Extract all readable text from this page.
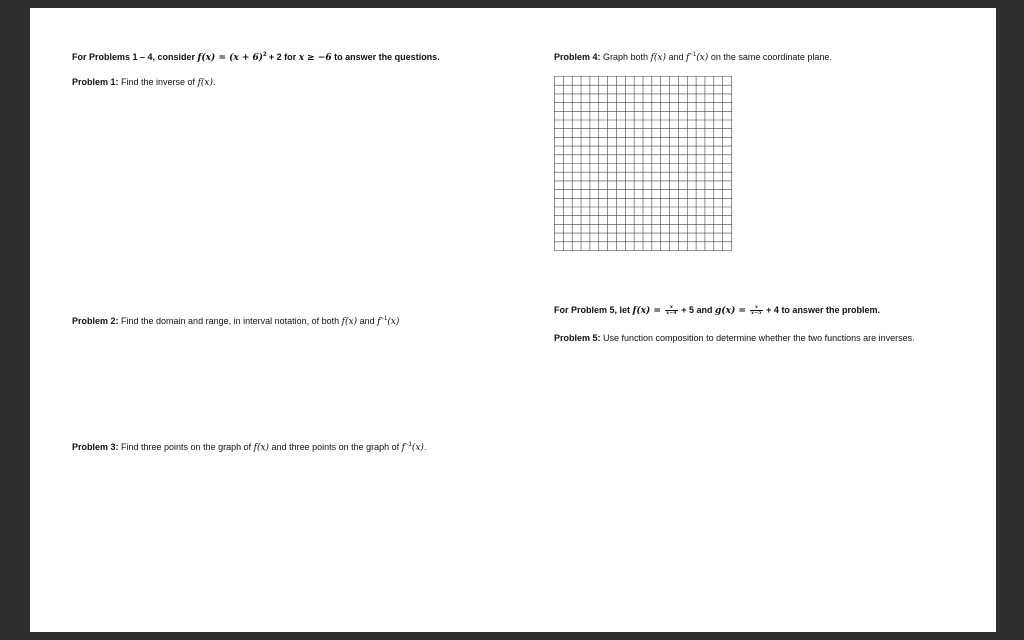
For Problems 1 – 4, consider $f(x) = (x + 6)^2 + 2$ for x ≥ −6 to answer the questions.
Problem 1: Find the inverse of f(x).
Problem 2: Find the domain and range, in interval notation, of both f(x) and $f^{-1}(x)$
Problem 3: Find three points on the graph of f(x) and three points on the graph of $f^{-1}(x)$.
Problem 4: Graph both f(x) and $f^{-1}(x)$ on the same coordinate plane.
For Problem 5, let $f(x) = \frac{x}{x-4} + 5$ and $g(x) = \frac{x}{x-5} + 4$ to answer the problem.
Problem 5: Use function composition to determine whether the two functions are inverses.
